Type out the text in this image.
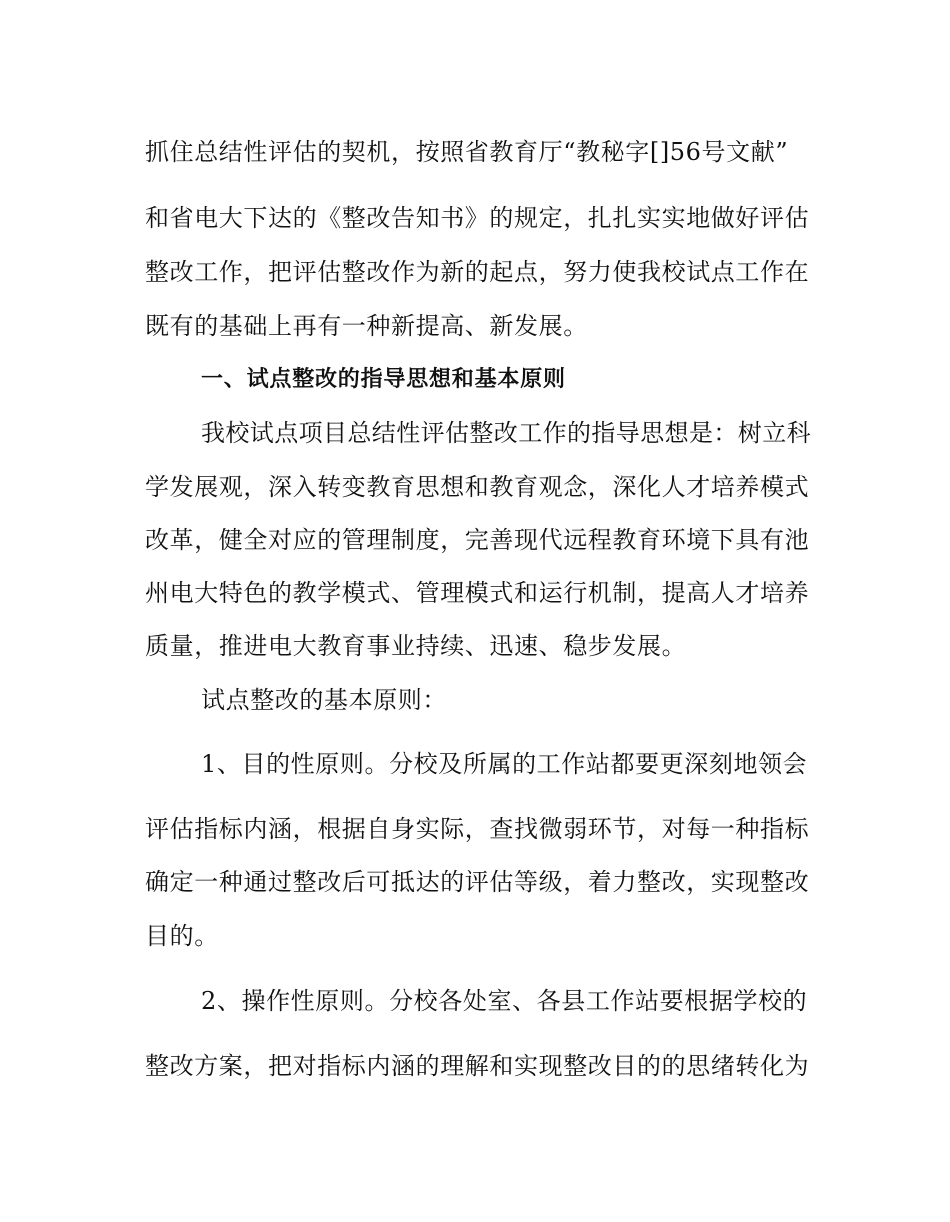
抓住总结性评估的契机，按照省教育厅“教秘字[]56号文献”
和省电大下达的《整改告知书》的规定，扎扎实实地做好评估
整改工作，把评估整改作为新的起点，努力使我校试点工作在
既有的基础上再有一种新提高、新发展。
一、试点整改的指导思想和基本原则
我校试点项目总结性评估整改工作的指导思想是：树立科
学发展观，深入转变教育思想和教育观念，深化人才培养模式
改革，健全对应的管理制度，完善现代远程教育环境下具有池
州电大特色的教学模式、管理模式和运行机制，提高人才培养
质量，推进电大教育事业持续、迅速、稳步发展。
试点整改的基本原则：
1、目的性原则。分校及所属的工作站都要更深刻地领会
评估指标内涵，根据自身实际，查找微弱环节，对每一种指标
确定一种通过整改后可抵达的评估等级，着力整改，实现整改
目的。
2、操作性原则。分校各处室、各县工作站要根据学校的
整改方案，把对指标内涵的理解和实现整改目的的思绪转化为
